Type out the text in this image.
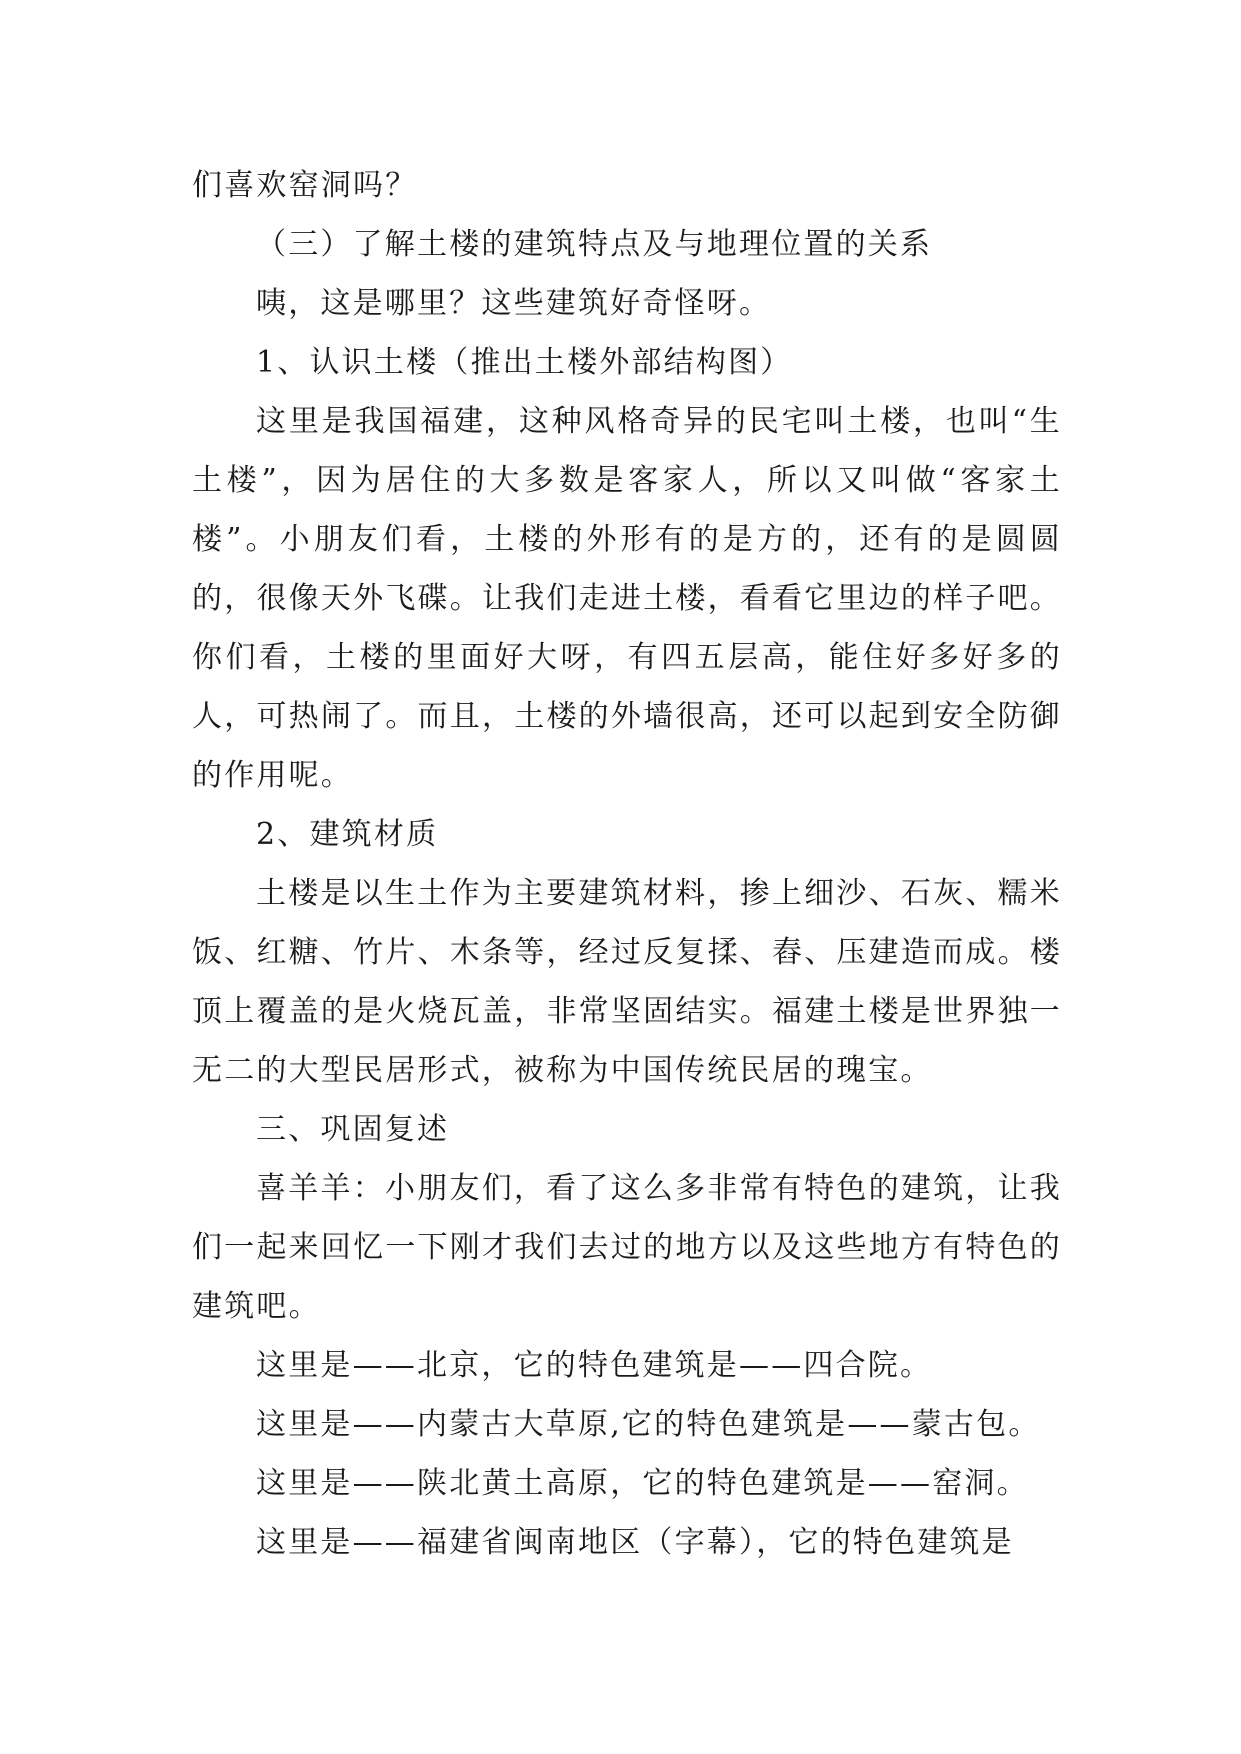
们喜欢窑洞吗？

（三）了解土楼的建筑特点及与地理位置的关系

咦，这是哪里？这些建筑好奇怪呀。

1、认识土楼（推出土楼外部结构图）

这里是我国福建，这种风格奇异的民宅叫土楼，也叫“生土楼”，因为居住的大多数是客家人，所以又叫做“客家土楼”。小朋友们看，土楼的外形有的是方的，还有的是圆圆的，很像天外飞碟。让我们走进土楼，看看它里边的样子吧。你们看，土楼的里面好大呀，有四五层高，能住好多好多的人，可热闹了。而且，土楼的外墙很高，还可以起到安全防御的作用呢。

2、建筑材质

土楼是以生土作为主要建筑材料，掺上细沙、石灰、糯米饭、红糖、竹片、木条等，经过反复揉、舂、压建造而成。楼顶上覆盖的是火烧瓦盖，非常坚固结实。福建土楼是世界独一无二的大型民居形式，被称为中国传统民居的瑰宝。

三、巩固复述

喜羊羊：小朋友们，看了这么多非常有特色的建筑，让我们一起来回忆一下刚才我们去过的地方以及这些地方有特色的建筑吧。

这里是——北京，它的特色建筑是——四合院。

这里是——内蒙古大草原,它的特色建筑是——蒙古包。

这里是——陕北黄土高原，它的特色建筑是——窑洞。

这里是——福建省闽南地区（字幕），它的特色建筑是
